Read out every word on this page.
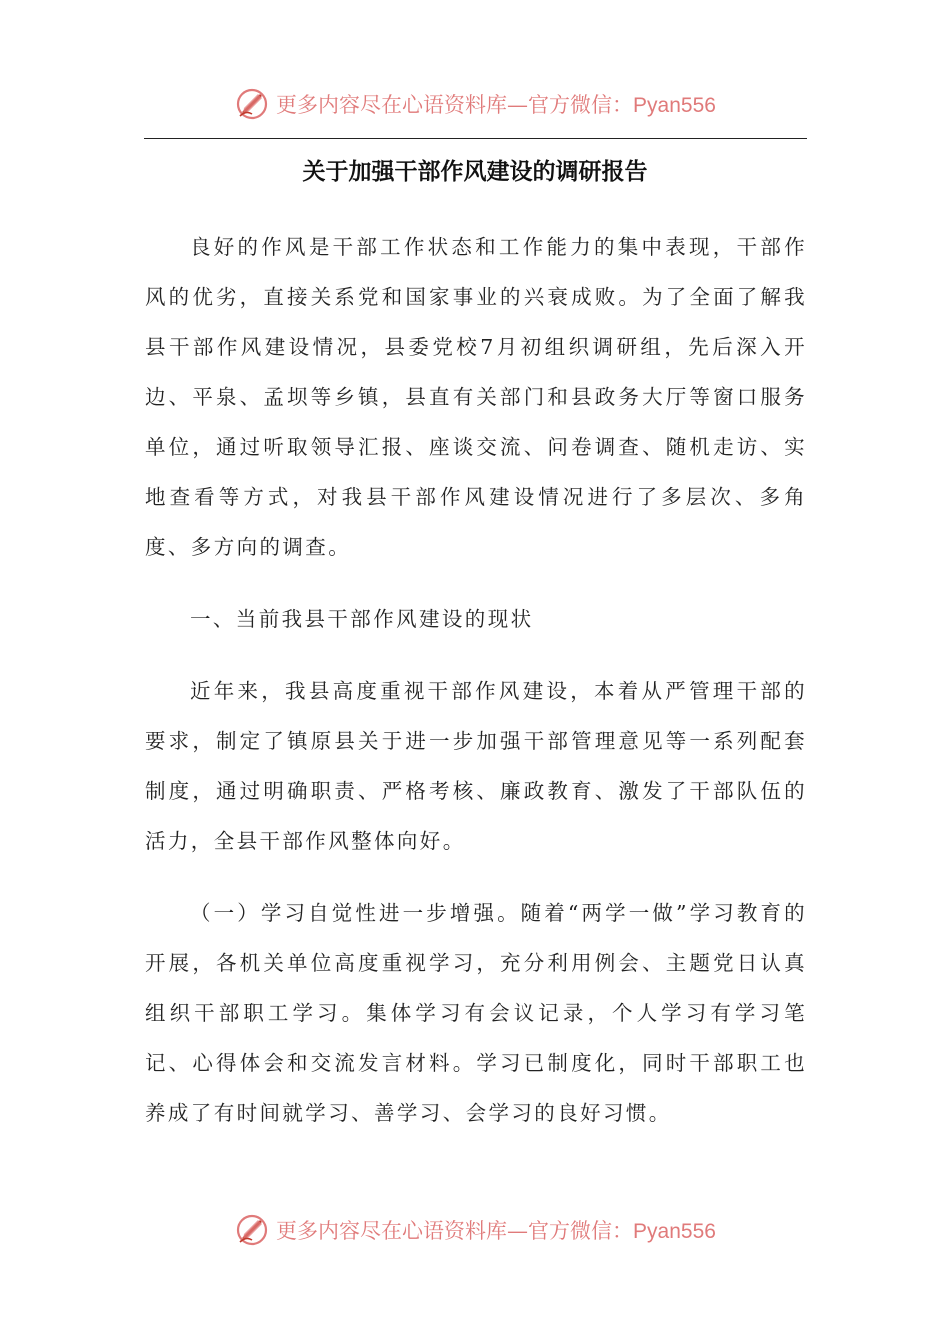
更多内容尽在心语资料库—官方微信：Pyan556
关于加强干部作风建设的调研报告

良好的作风是干部工作状态和工作能力的集中表现，干部作风的优劣，直接关系党和国家事业的兴衰成败。为了全面了解我县干部作风建设情况，县委党校7月初组织调研组，先后深入开边、平泉、孟坝等乡镇，县直有关部门和县政务大厅等窗口服务单位，通过听取领导汇报、座谈交流、问卷调查、随机走访、实地查看等方式，对我县干部作风建设情况进行了多层次、多角度、多方向的调查。

一、当前我县干部作风建设的现状

近年来，我县高度重视干部作风建设，本着从严管理干部的要求，制定了镇原县关于进一步加强干部管理意见等一系列配套制度，通过明确职责、严格考核、廉政教育、激发了干部队伍的活力，全县干部作风整体向好。

（一）学习自觉性进一步增强。随着“两学一做”学习教育的开展，各机关单位高度重视学习，充分利用例会、主题党日认真组织干部职工学习。集体学习有会议记录，个人学习有学习笔记、心得体会和交流发言材料。学习已制度化，同时干部职工也养成了有时间就学习、善学习、会学习的良好习惯。

更多内容尽在心语资料库—官方微信：Pyan556
